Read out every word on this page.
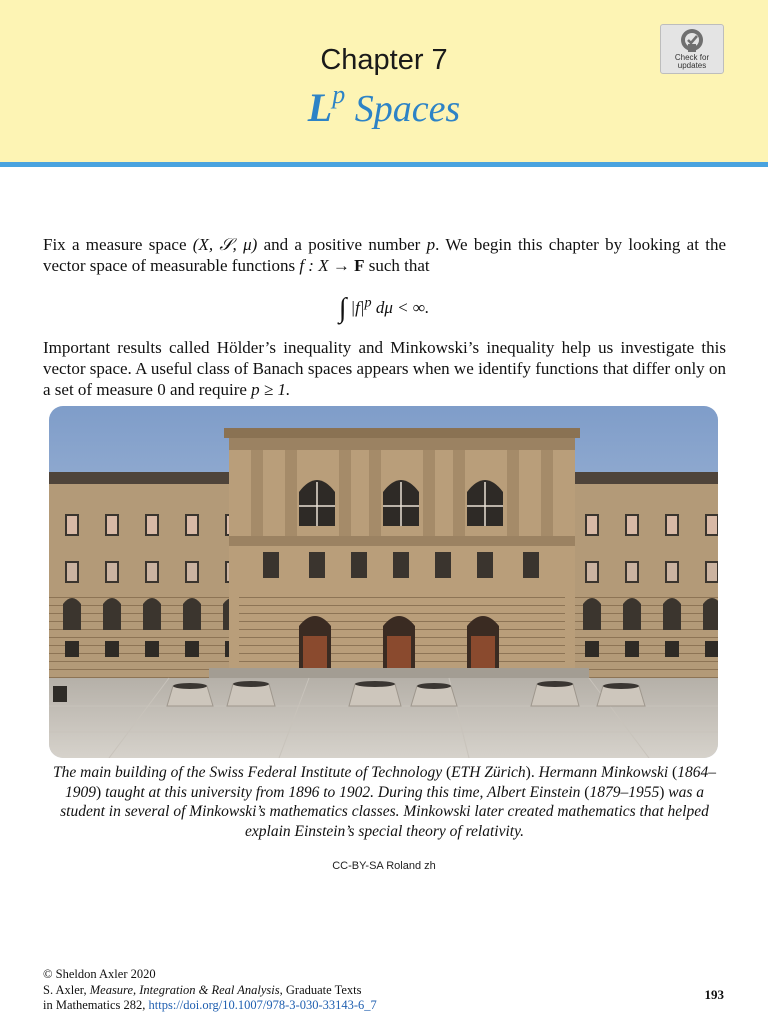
Chapter 7
$L^p$ Spaces
Check for
updates
Fix a measure space (X, 𝒮, μ) and a positive number p. We begin this chapter by looking at the vector space of measurable functions f : X → F such that
∫ $|f|^p$ dμ < ∞.
Important results called Hölder’s inequality and Minkowski’s inequality help us investigate this vector space. A useful class of Banach spaces appears when we identify functions that differ only on a set of measure 0 and require p ≥ 1.
The main building of the Swiss Federal Institute of Technology (ETH Zürich). Hermann Minkowski (1864–1909) taught at this university from 1896 to 1902. During this time, Albert Einstein (1879–1955) was a student in several of Minkowski’s mathematics classes. Minkowski later created mathematics that helped explain Einstein’s special theory of relativity.
CC-BY-SA Roland zh
© Sheldon Axler 2020
S. Axler, Measure, Integration & Real Analysis, Graduate Texts
in Mathematics 282, https://doi.org/10.1007/978-3-030-33143-6_7
193
